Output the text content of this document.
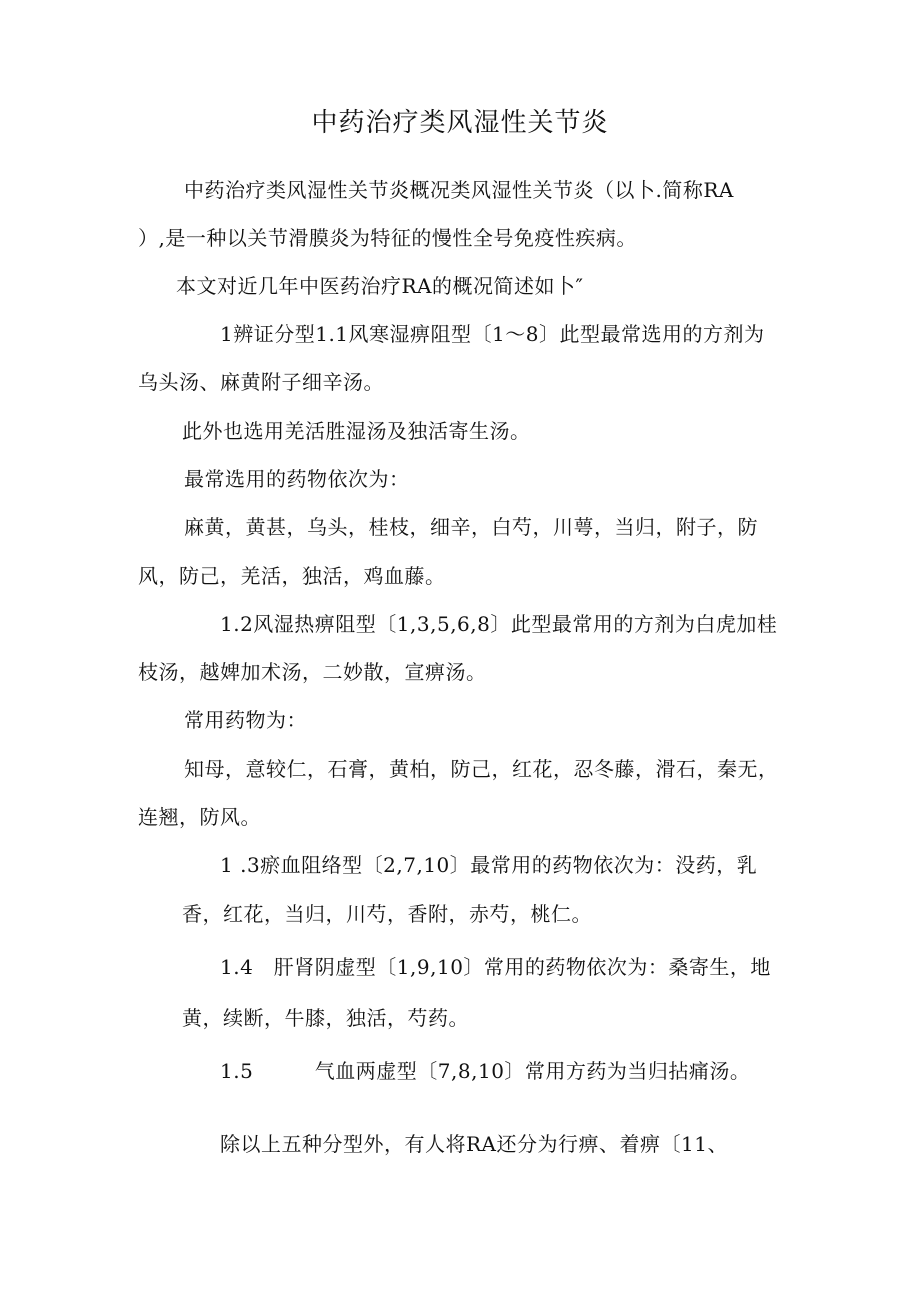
中药治疗类风湿性关节炎
中药治疗类风湿性关节炎概况类风湿性关节炎（以卜.简称RA
）,是一种以关节滑膜炎为特征的慢性全号免疫性疾病。
本文对近几年中医药治疗RA的概况简述如卜″
1辨证分型1.1风寒湿痹阻型〔1～8〕此型最常选用的方剂为
乌头汤、麻黄附子细辛汤。
此外也选用羌活胜湿汤及独活寄生汤。
最常选用的药物依次为：
麻黄，黄甚，乌头，桂枝，细辛，白芍，川萼，当归，附子，防
风，防己，羌活，独活，鸡血藤。
1.2风湿热痹阻型〔1,3,5,6,8〕此型最常用的方剂为白虎加桂
枝汤，越婢加术汤，二妙散，宣痹汤。
常用药物为：
知母，意较仁，石膏，黄柏，防己，红花，忍冬藤，滑石，秦无，
连翘，防风。
1 .3瘀血阻络型〔2,7,10〕最常用的药物依次为：没药，乳
香，红花，当归，川芍，香附，赤芍，桃仁。
1.4　肝肾阴虚型〔1,9,10〕常用的药物依次为：桑寄生，地
黄，续断，牛膝，独活，芍药。
1.5　　　气血两虚型〔7,8,10〕常用方药为当归拈痛汤。
除以上五种分型外，有人将RA还分为行痹、着痹〔11、
